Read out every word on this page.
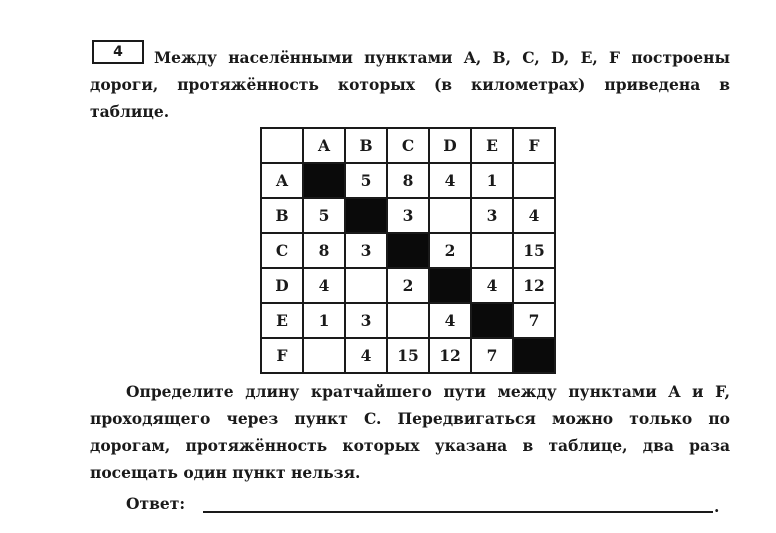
4	Между населёнными пунктами A, B, C, D, E, F построены дороги, протяжённость которых (в километрах) приведена в таблице.

	A	B	C	D	E	F
A		5	8	4	1	
B	5		3		3	4
C	8	3		2		15
D	4		2		4	12
E	1	3		4		7
F		4	15	12	7	

Определите длину кратчайшего пути между пунктами A и F, проходящего через пункт C. Передвигаться можно только по дорогам, протяжённость которых указана в таблице, два раза посещать один пункт нельзя.

Ответ:	.
